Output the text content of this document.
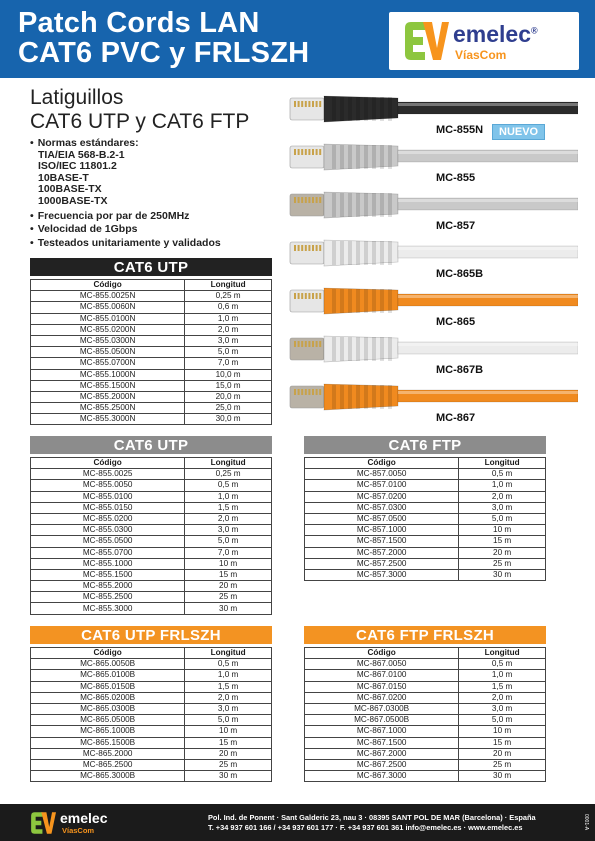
Patch Cords LAN
CAT6 PVC y FRLSZH
emelec®
VíasCom
Latiguillos
CAT6 UTP y CAT6 FTP
• Normas estándares:
TIA/EIA 568-B.2-1
ISO/IEC 11801.2
10BASE-T
100BASE-TX
1000BASE-TX
• Frecuencia por par de 250MHz
• Velocidad de 1Gbps
• Testeados unitariamente y validados
MC-855N
MC-855
MC-857
MC-865B
MC-865
MC-867B
MC-867
NUEVO
CAT6 UTP
Código	Longitud
MC-855.0025N	0,25 m
MC-855.0060N	0,6 m
MC-855.0100N	1,0 m
MC-855.0200N	2,0 m
MC-855.0300N	3,0 m
MC-855.0500N	5,0 m
MC-855.0700N	7,0 m
MC-855.1000N	10,0 m
MC-855.1500N	15,0 m
MC-855.2000N	20,0 m
MC-855.2500N	25,0 m
MC-855.3000N	30,0 m
CAT6 UTP
Código	Longitud
MC-855.0025	0,25 m
MC-855.0050	0,5 m
MC-855.0100	1,0 m
MC-855.0150	1,5 m
MC-855.0200	2,0 m
MC-855.0300	3,0 m
MC-855.0500	5,0 m
MC-855.0700	7,0 m
MC-855.1000	10 m
MC-855.1500	15 m
MC-855.2000	20 m
MC-855.2500	25 m
MC-855.3000	30 m
CAT6 FTP
Código	Longitud
MC-857.0050	0,5 m
MC-857.0100	1,0 m
MC-857.0200	2,0 m
MC-857.0300	3,0 m
MC-857.0500	5,0 m
MC-857.1000	10 m
MC-857.1500	15 m
MC-857.2000	20 m
MC-857.2500	25 m
MC-857.3000	30 m
CAT6 UTP FRLSZH
Código	Longitud
MC-865.0050B	0,5 m
MC-865.0100B	1,0 m
MC-865.0150B	1,5 m
MC-865.0200B	2,0 m
MC-865.0300B	3,0 m
MC-865.0500B	5,0 m
MC-865.1000B	10 m
MC-865.1500B	15 m
MC-865.2000	20 m
MC-865.2500	25 m
MC-865.3000B	30 m
CAT6 FTP FRLSZH
Código	Longitud
MC-867.0050	0,5 m
MC-867.0100	1,0 m
MC-867.0150	1,5 m
MC-867.0200	2,0 m
MC-867.0300B	3,0 m
MC-867.0500B	5,0 m
MC-867.1000	10 m
MC-867.1500	15 m
MC-867.2000	20 m
MC-867.2500	25 m
MC-867.3000	30 m
emelec
VíasCom
Pol. Ind. de Ponent · Sant Galderic 23, nau 3 · 08395 SANT POL DE MAR (Barcelona) · España
T. +34 937 601 166 / +34 937 601 177 · F. +34 937 601 361 info@emelec.es · www.emelec.es	0001-A
